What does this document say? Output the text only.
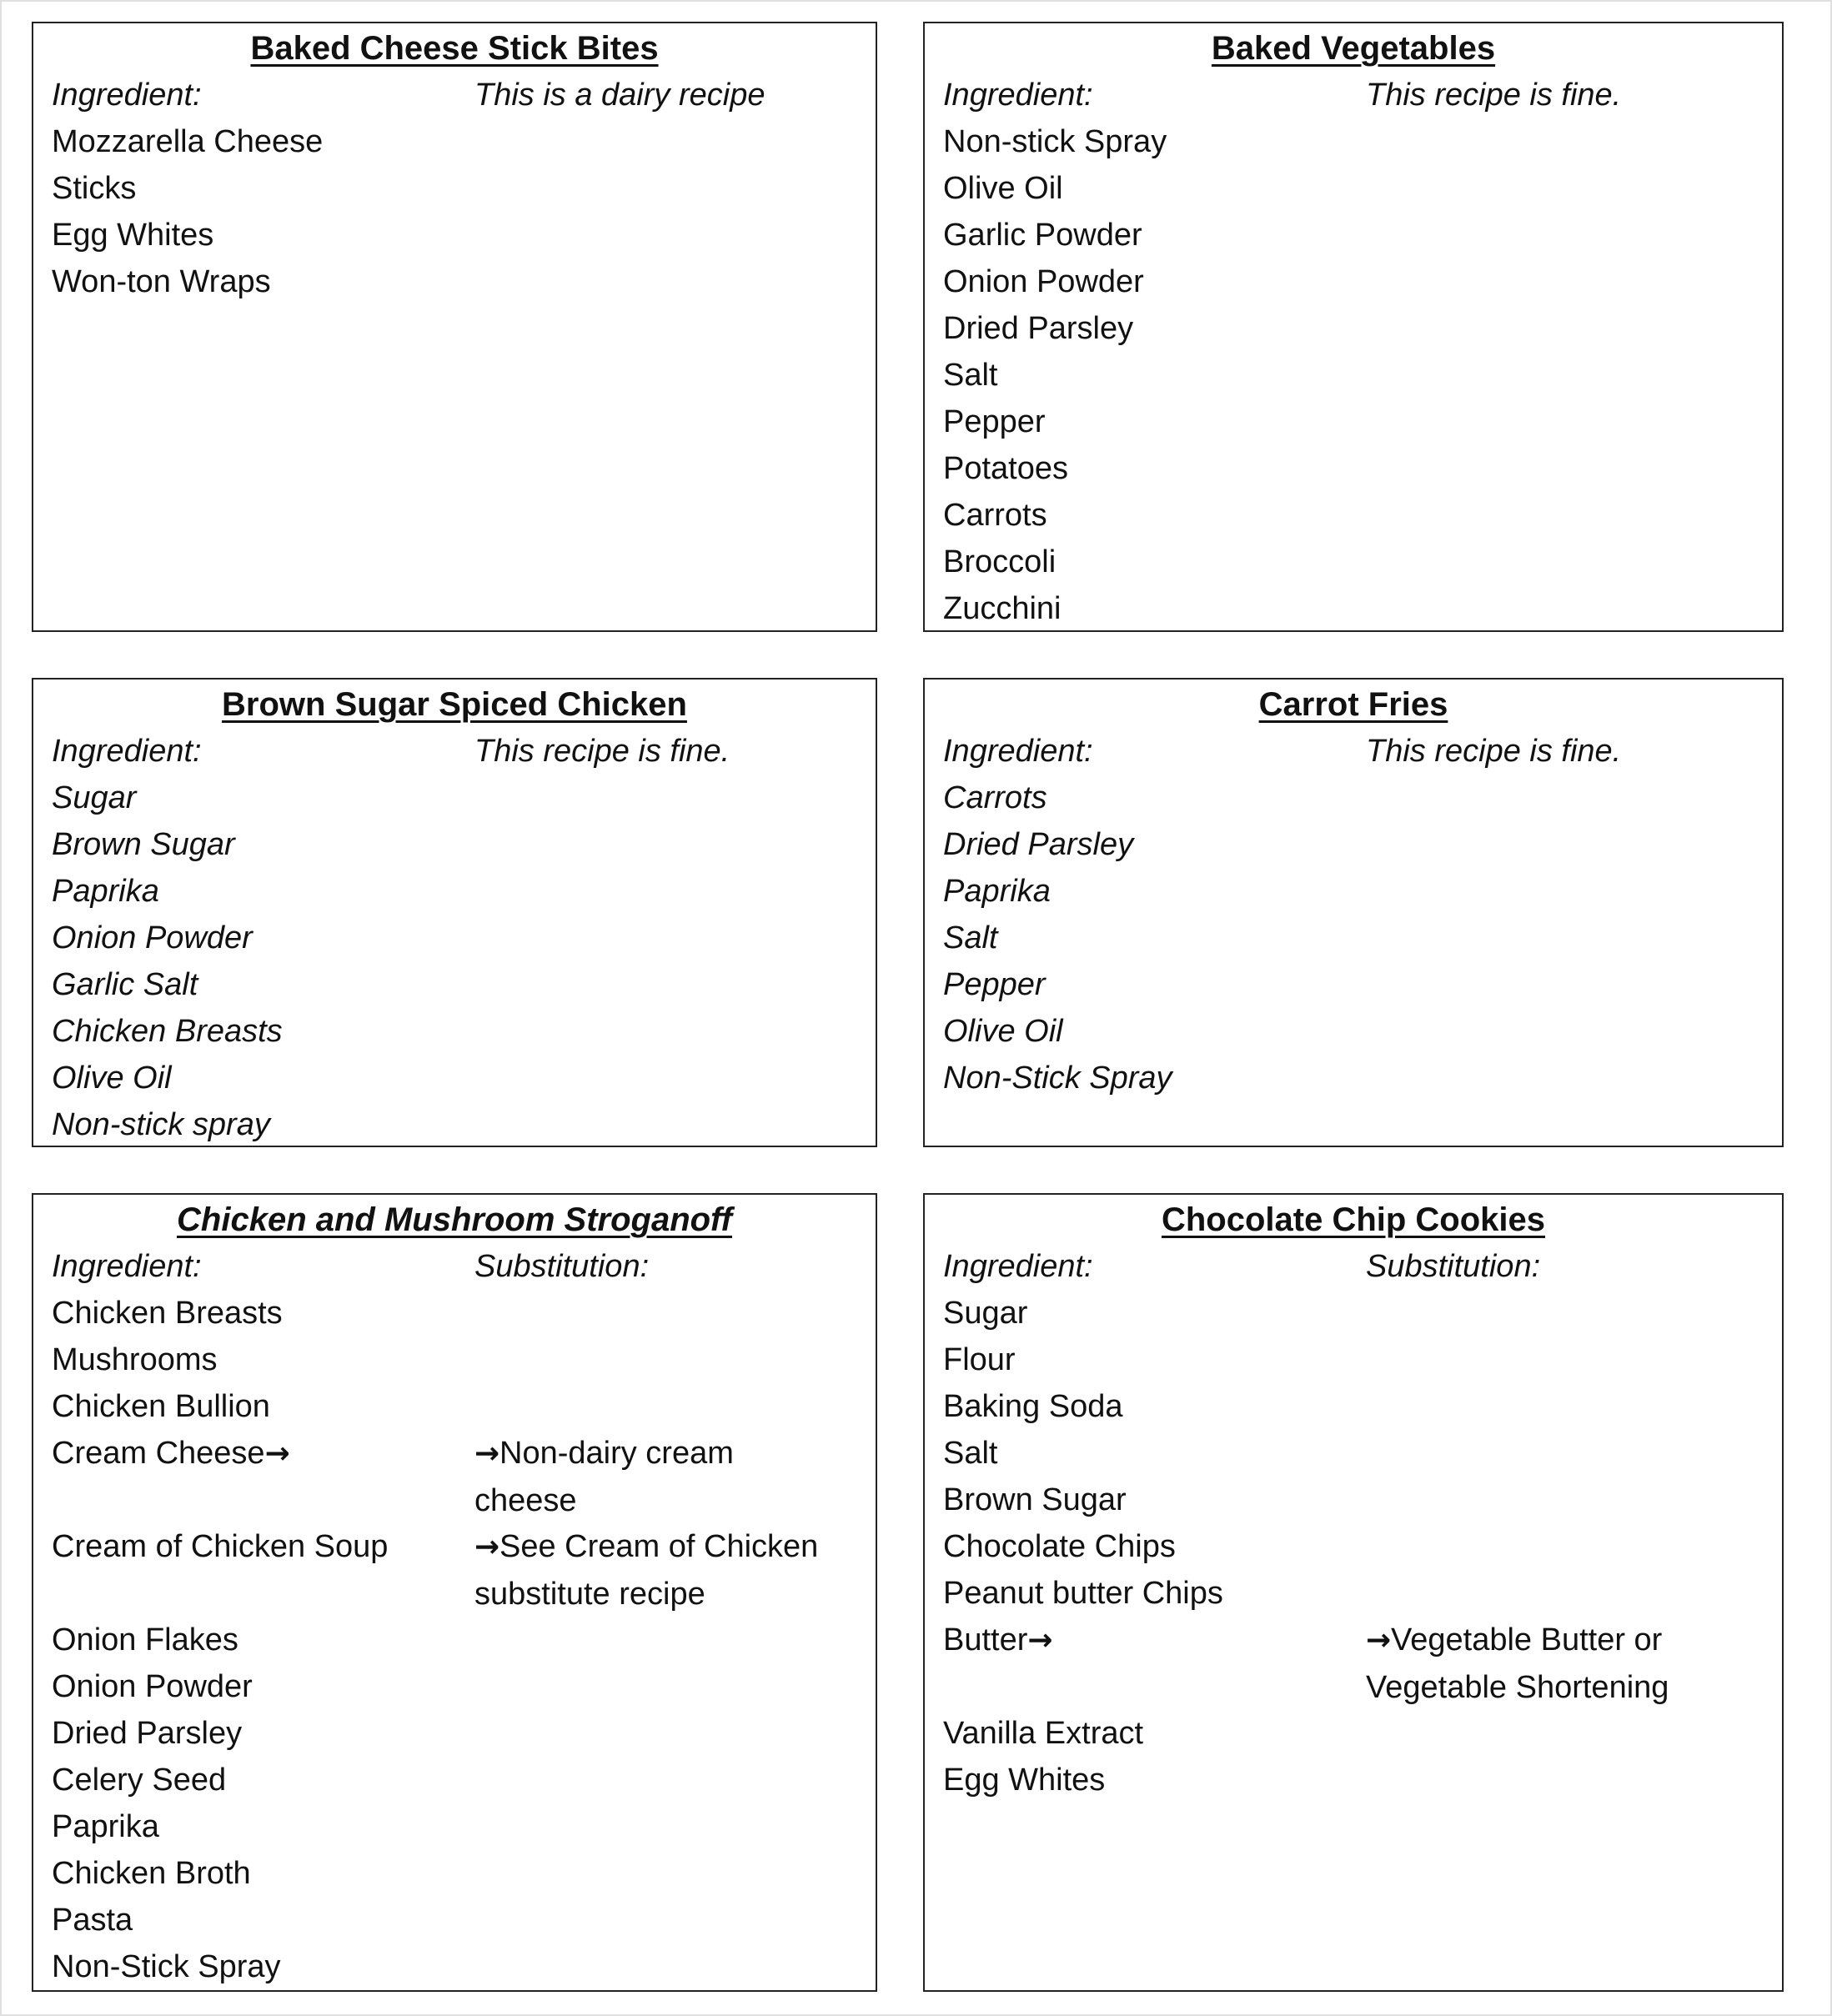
Baked Cheese Stick Bites
Ingredient:	This is a dairy recipe
Mozzarella Cheese
Sticks
Egg Whites
Won-ton Wraps
Baked Vegetables
Ingredient:	This recipe is fine.
Non-stick Spray
Olive Oil
Garlic Powder
Onion Powder
Dried Parsley
Salt
Pepper
Potatoes
Carrots
Broccoli
Zucchini
Brown Sugar Spiced Chicken
Ingredient:	This recipe is fine.
Sugar
Brown Sugar
Paprika
Onion Powder
Garlic Salt
Chicken Breasts
Olive Oil
Non-stick spray
Carrot Fries
Ingredient:	This recipe is fine.
Carrots
Dried Parsley
Paprika
Salt
Pepper
Olive Oil
Non-Stick Spray
Chicken and Mushroom Stroganoff
Ingredient:	Substitution:
Chicken Breasts
Mushrooms
Chicken Bullion
Cream Cheese→	→Non-dairy cream
cheese
Cream of Chicken Soup	→See Cream of Chicken
substitute recipe
Onion Flakes
Onion Powder
Dried Parsley
Celery Seed
Paprika
Chicken Broth
Pasta
Non-Stick Spray
Chocolate Chip Cookies
Ingredient:	Substitution:
Sugar
Flour
Baking Soda
Salt
Brown Sugar
Chocolate Chips
Peanut butter Chips
Butter→	→Vegetable Butter or
Vegetable Shortening
Vanilla Extract
Egg Whites
